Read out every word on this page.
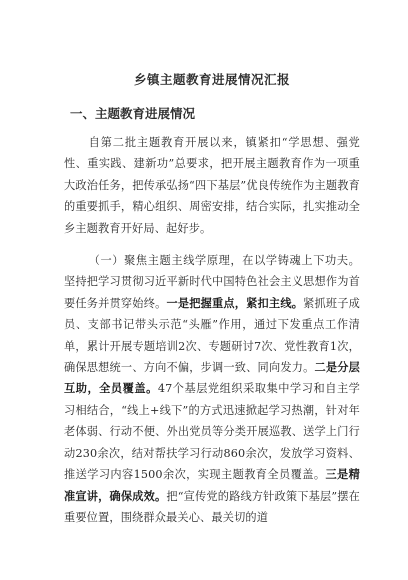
乡镇主题教育进展情况汇报
一、主题教育进展情况

自第二批主题教育开展以来，镇紧扣“学思想、强党性、重实践、建新功”总要求，把开展主题教育作为一项重大政治任务，把传承弘扬“四下基层”优良传统作为主题教育的重要抓手，精心组织、周密安排，结合实际，扎实推动全乡主题教育开好局、起好步。

（一）聚焦主题主线学原理，在以学铸魂上下功夫。坚持把学习贯彻习近平新时代中国特色社会主义思想作为首要任务并贯穿始终。一是把握重点，紧扣主线。紧抓班子成员、支部书记带头示范“头雁”作用，通过下发重点工作清单，累计开展专题培训2次、专题研讨7次、党性教育1次，确保思想统一、方向不偏，步调一致、同向发力。二是分层互助，全员覆盖。47个基层党组织采取集中学习和自主学习相结合，“线上+线下”的方式迅速掀起学习热潮，针对年老体弱、行动不便、外出党员等分类开展巡教、送学上门行动230余次，结对帮扶学习行动860余次，发放学习资料、推送学习内容1500余次，实现主题教育全员覆盖。三是精准宣讲，确保成效。把“宣传党的路线方针政策下基层”摆在重要位置，围绕群众最关心、最关切的道
